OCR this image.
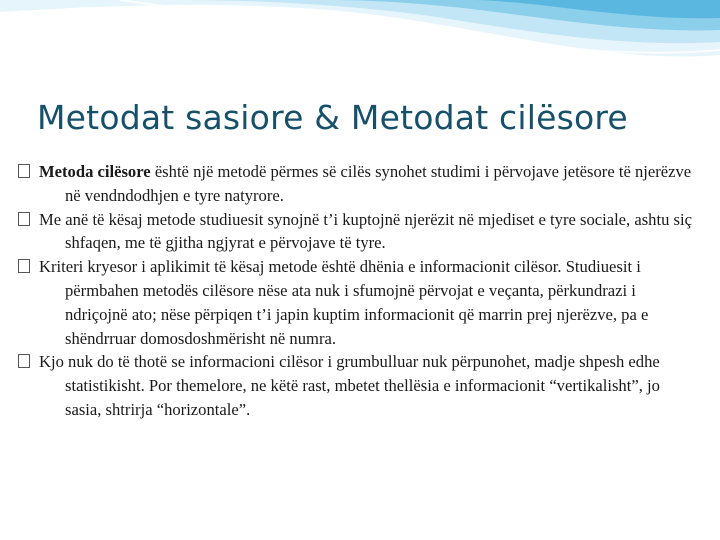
Metodat sasiore & Metodat cilësore
Metoda cilësore është një metodë përmes së cilës synohet studimi i përvojave jetësore të njerëzve në vendndodhjen e tyre natyrore.
Me anë të kësaj metode studiuesit synojnë t’i kuptojnë njerëzit në mjediset e tyre sociale, ashtu siç shfaqen, me të gjitha ngjyrat e përvojave të tyre.
Kriteri kryesor i aplikimit të kësaj metode është dhënia e informacionit cilësor. Studiuesit i përmbahen metodës cilësore nëse ata nuk i sfumojnë përvojat e veçanta, përkundrazi i ndriçojnë ato; nëse përpiqen t’i japin kuptim informacionit që marrin prej njerëzve, pa e shëndrruar domosdoshmërisht në numra.
Kjo nuk do të thotë se informacioni cilësor i grumbulluar nuk përpunohet, madje shpesh edhe statistikisht. Por themelore, ne këtë rast, mbetet thellësia e informacionit “vertikalisht”, jo sasia, shtrirja “horizontale”.
